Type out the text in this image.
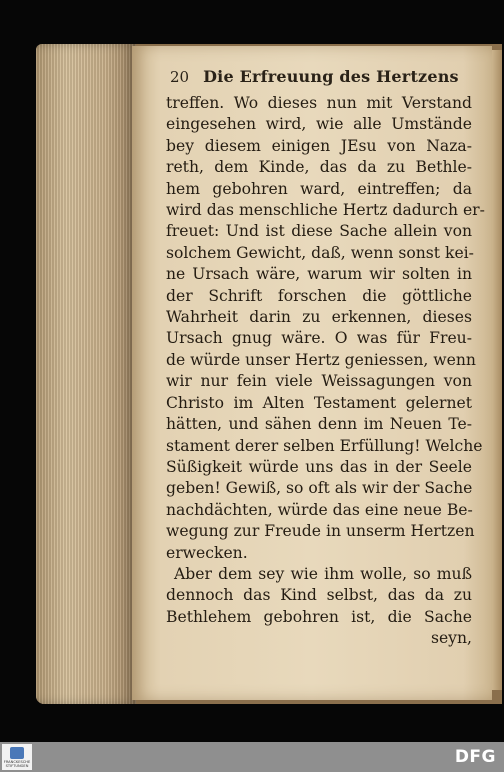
20 Die Erfreuung des Hertzens
treffen. Wo dieses nun mit Verstand
eingesehen wird, wie alle Umstände
bey diesem einigen JEsu von Naza-
reth, dem Kinde, das da zu Bethle-
hem gebohren ward, eintreffen; da
wird das menschliche Hertz dadurch er-
freuet: Und ist diese Sache allein von
solchem Gewicht, daß, wenn sonst kei-
ne Ursach wäre, warum wir solten in
der Schrift forschen die göttliche
Wahrheit darin zu erkennen, dieses
Ursach gnug wäre. O was für Freu-
de würde unser Hertz geniessen, wenn
wir nur fein viele Weissagungen von
Christo im Alten Testament gelernet
hätten, und sähen denn im Neuen Te-
stament derer selben Erfüllung! Welche
Süßigkeit würde uns das in der Seele
geben! Gewiß, so oft als wir der Sache
nachdächten, würde das eine neue Be-
wegung zur Freude in unserm Hertzen
erwecken.
Aber dem sey wie ihm wolle, so muß
dennoch das Kind selbst, das da zu
Bethlehem gebohren ist, die Sache
seyn,
FRANCKESCHE STIFTUNGEN	DFG
